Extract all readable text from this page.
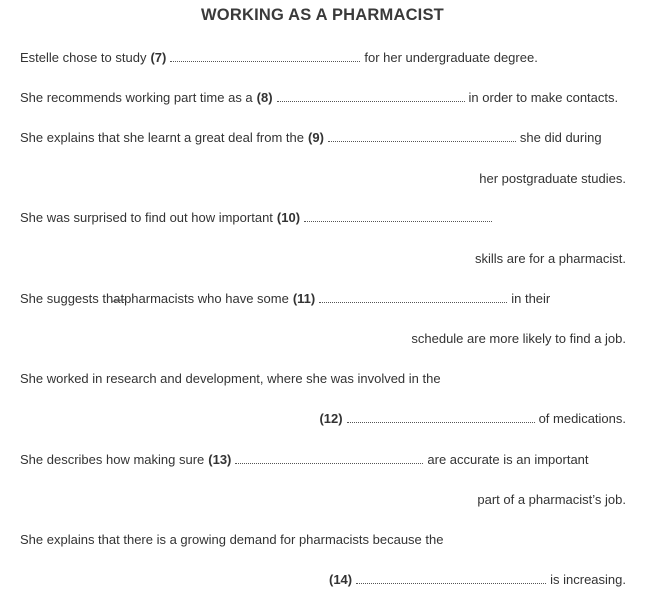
WORKING AS A PHARMACIST
Estelle chose to study (7)	for her undergraduate degree.
She recommends working part time as a (8)	in order to make contacts.
She explains that she learnt a great deal from the (9)	she did during
her postgraduate studies.
She was surprised to find out how important (10)
skills are for a pharmacist.
She suggests th at pharmacists who have some (11)	in their
schedule are more likely to find a job.
She worked in research and development, where she was involved in the
(12)	of medications.
She describes how making sure (13)	are accurate is an important
part of a pharmacist’s job.
She explains that there is a growing demand for pharmacists because the
(14)	is increasing.
